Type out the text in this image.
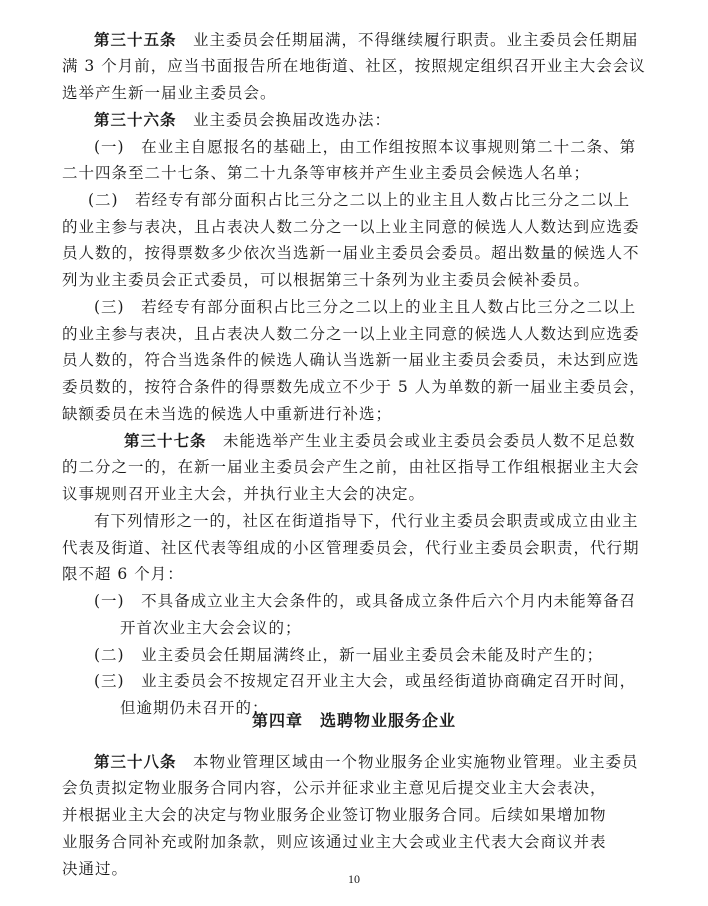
第四章　选聘物业服务企业
10
第三十五条　业主委员会任期届满，不得继续履行职责。业主委员会任期届
满 3 个月前，应当书面报告所在地街道、社区，按照规定组织召开业主大会会议
选举产生新一届业主委员会。
第三十六条　业主委员会换届改选办法：
(一)　在业主自愿报名的基础上，由工作组按照本议事规则第二十二条、第
二十四条至二十七条、第二十九条等审核并产生业主委员会候选人名单；
(二)　若经专有部分面积占比三分之二以上的业主且人数占比三分之二以上
的业主参与表决，且占表决人数二分之一以上业主同意的候选人人数达到应选委
员人数的，按得票数多少依次当选新一届业主委员会委员。超出数量的候选人不
列为业主委员会正式委员，可以根据第三十条列为业主委员会候补委员。
(三)　若经专有部分面积占比三分之二以上的业主且人数占比三分之二以上
的业主参与表决，且占表决人数二分之一以上业主同意的候选人人数达到应选委
员人数的，符合当选条件的候选人确认当选新一届业主委员会委员，未达到应选
委员数的，按符合条件的得票数先成立不少于 5 人为单数的新一届业主委员会，
缺额委员在未当选的候选人中重新进行补选；
第三十七条　未能选举产生业主委员会或业主委员会委员人数不足总数
的二分之一的，在新一届业主委员会产生之前，由社区指导工作组根据业主大会
议事规则召开业主大会，并执行业主大会的决定。
有下列情形之一的，社区在街道指导下，代行业主委员会职责或成立由业主
代表及街道、社区代表等组成的小区管理委员会，代行业主委员会职责，代行期
限不超 6 个月：
(一)　不具备成立业主大会条件的，或具备成立条件后六个月内未能筹备召
开首次业主大会会议的；
(二)　业主委员会任期届满终止，新一届业主委员会未能及时产生的；
(三)　业主委员会不按规定召开业主大会，或虽经街道协商确定召开时间，
但逾期仍未召开的；
第三十八条　本物业管理区域由一个物业服务企业实施物业管理。业主委员
会负责拟定物业服务合同内容，公示并征求业主意见后提交业主大会表决，
并根据业主大会的决定与物业服务企业签订物业服务合同。后续如果增加物
业服务合同补充或附加条款，则应该通过业主大会或业主代表大会商议并表
决通过。
